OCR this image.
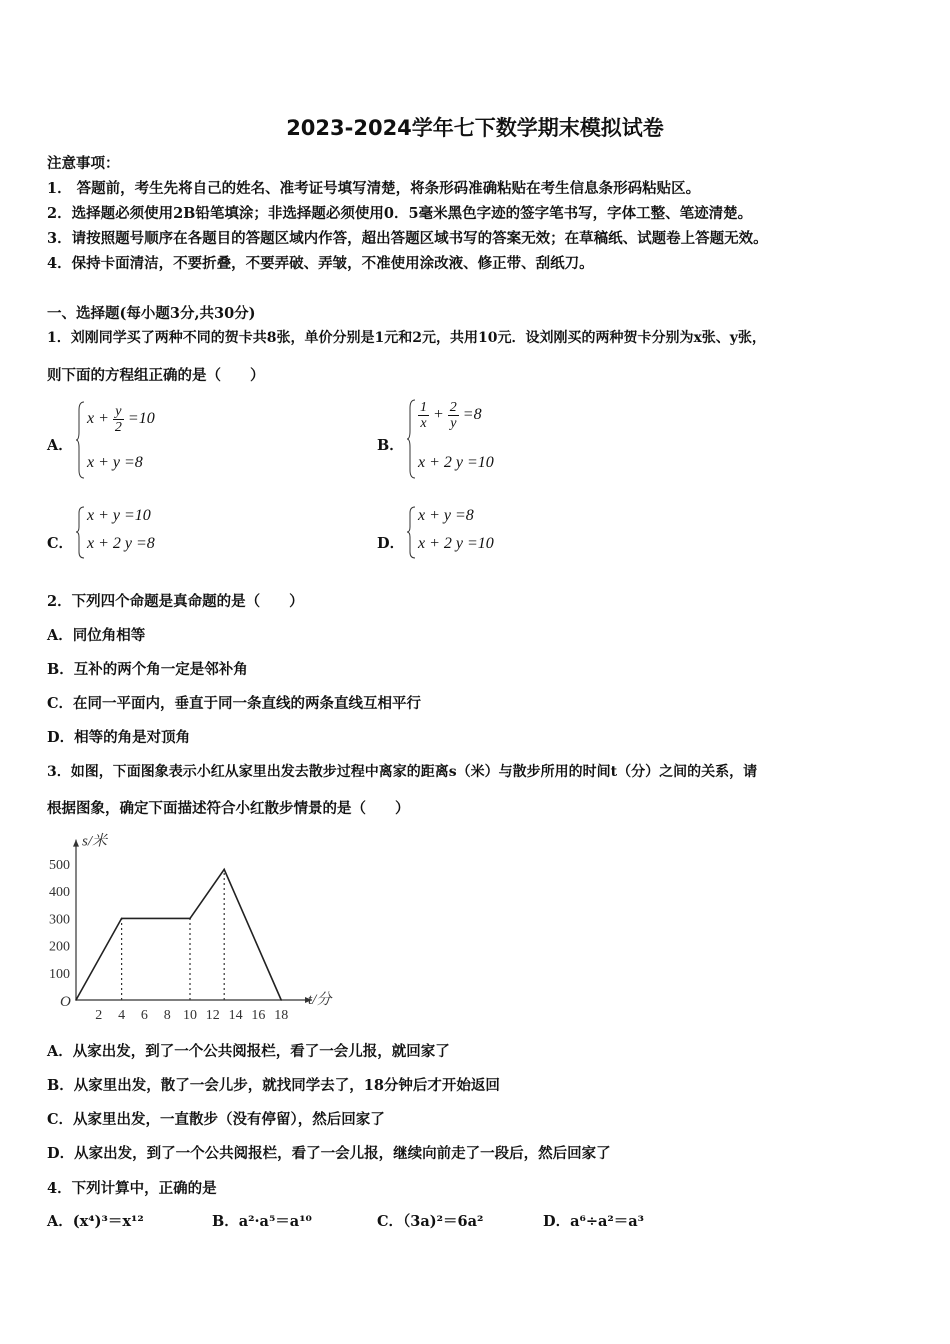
2023-2024学年七下数学期末模拟试卷
注意事项：
1． 答题前，考生先将自己的姓名、准考证号填写清楚，将条形码准确粘贴在考生信息条形码粘贴区。
2．选择题必须使用2B铅笔填涂；非选择题必须使用0．5毫米黑色字迹的签字笔书写，字体工整、笔迹清楚。
3．请按照题号顺序在各题目的答题区域内作答，超出答题区域书写的答案无效；在草稿纸、试题卷上答题无效。
4．保持卡面清洁，不要折叠，不要弄破、弄皱，不准使用涂改液、修正带、刮纸刀。
一、选择题(每小题3分,共30分)
1．刘刚同学买了两种不同的贺卡共8张，单价分别是1元和2元，共用10元．设刘刚买的两种贺卡分别为x张、y张，
则下面的方程组正确的是（　　）
A．
$x + \frac{y}{2} =10$
x + y =8
B．
$\frac{1}{x} + \frac{2}{y} =8$
x + 2 y =10
C．
x + y =10
x + 2 y =8	D．
x + y =8
x + 2 y =10
2．下列四个命题是真命题的是（　　）
A．同位角相等
B．互补的两个角一定是邻补角
C．在同一平面内，垂直于同一条直线的两条直线互相平行
D．相等的角是对顶角
3．如图，下面图象表示小红从家里出发去散步过程中离家的距离s（米）与散步所用的时间t（分）之间的关系，请
根据图象，确定下面描述符合小红散步情景的是（　　）
s/米
t/分
O
100
200
300
400
500
2 4 6 8 10 12 14 16 18
A．从家出发，到了一个公共阅报栏，看了一会儿报，就回家了
B．从家里出发，散了一会儿步，就找同学去了，18分钟后才开始返回
C．从家里出发，一直散步（没有停留），然后回家了
D．从家出发，到了一个公共阅报栏，看了一会儿报，继续向前走了一段后，然后回家了
4．下列计算中，正确的是
A．(x⁴)³＝x¹²	B．a²·a⁵＝a¹⁰	C．（3a)²＝6a²	D．a⁶÷a²＝a³
